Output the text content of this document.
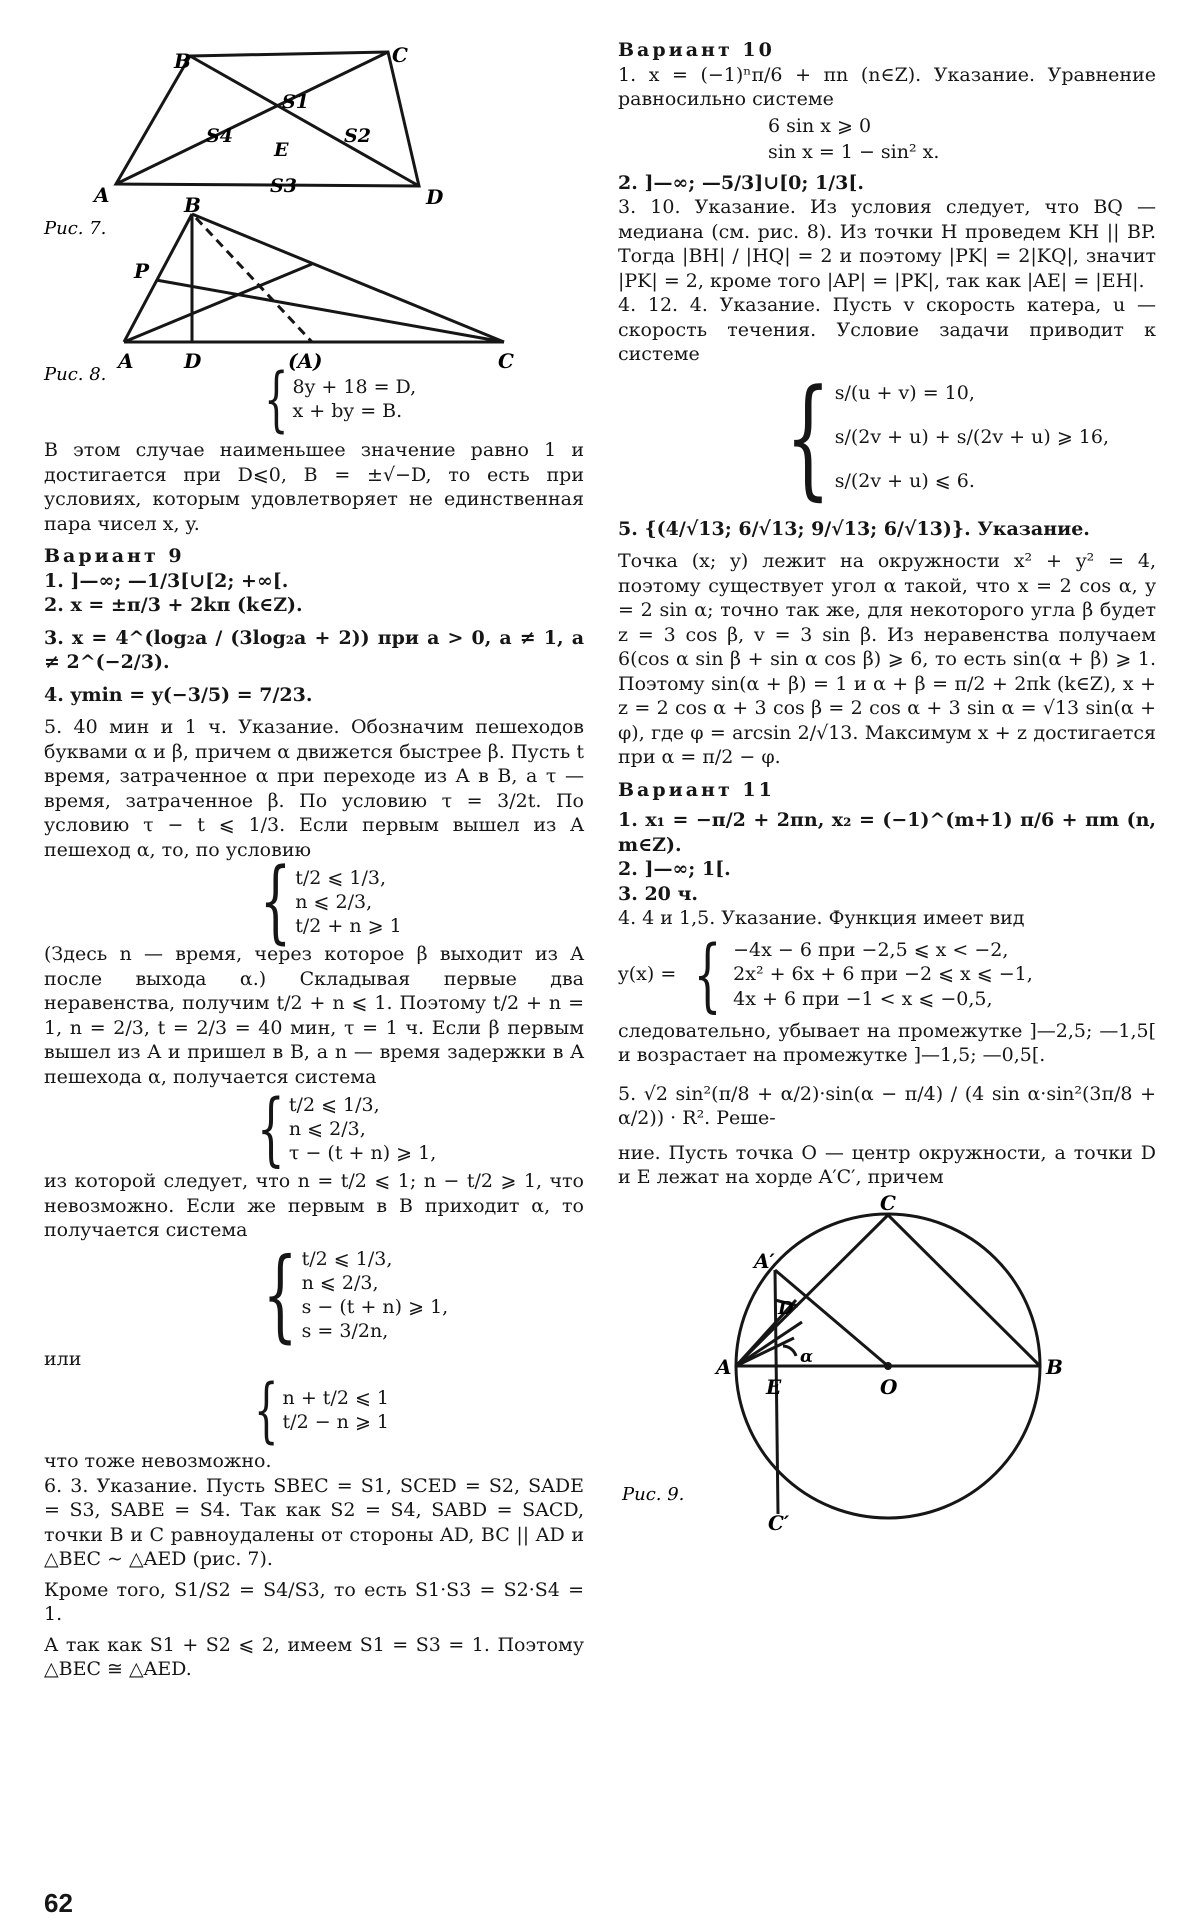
B	C
A	D
E
S1
S2
S3
S4
Рис. 7.
B
P
A	D	(A)	C
Рис. 8. { 8y + 18 = D,
x + by = B.

В этом случае наименьшее значение равно 1 и достигается при D⩽0, B = ±√−D, то есть при условиях, которым удовлетворяет не единственная пара чисел x, y.

Вариант 9

1. ]—∞; —1/3[∪[2; +∞[.

2. x = ±π/3 + 2kπ (k∈Z).

3. x = 4^(log₂a / (3log₂a + 2)) при a > 0, a ≠ 1, a ≠ 2^(−2/3).

4. ymin = y(−3/5) = 7/23.

5. 40 мин и 1 ч. Указание. Обозначим пешеходов буквами α и β, причем α движется быстрее β. Пусть t время, затраченное α при переходе из A в B, а τ — время, затраченное β. По условию τ = 3/2t. По условию τ − t ⩽ 1/3. Если первым вышел из A пешеход α, то, по условию

{ t/2 ⩽ 1/3,
n ⩽ 2/3,
t/2 + n ⩾ 1

(Здесь n — время, через которое β выходит из A после выхода α.) Складывая первые два неравенства, получим t/2 + n ⩽ 1. Поэтому t/2 + n = 1, n = 2/3, t = 2/3 = 40 мин, τ = 1 ч. Если β первым вышел из A и пришел в B, а n — время задержки в A пешехода α, получается система

{ t/2 ⩽ 1/3,
n ⩽ 2/3,
τ − (t + n) ⩾ 1,

из которой следует, что n = t/2 ⩽ 1; n − t/2 ⩾ 1, что невозможно. Если же первым в B приходит α, то получается система

{ t/2 ⩽ 1/3,
n ⩽ 2/3,
s − (t + n) ⩾ 1,
s = 3/2n,

или

{ n + t/2 ⩽ 1
t/2 − n ⩾ 1

что тоже невозможно.

6. 3. Указание. Пусть SBEC = S1, SCED = S2, SADE = S3, SABE = S4. Так как S2 = S4, SABD = SACD, точки B и C равноудалены от стороны AD, BC || AD и △BEC ∼ △AED (рис. 7).

Кроме того, S1/S2 = S4/S3, то есть S1·S3 = S2·S4 = 1.

А так как S1 + S2 ⩽ 2, имеем S1 = S3 = 1. Поэтому △BEC ≅ △AED.

Вариант 10

1. x = (−1)ⁿπ/6 + πn (n∈Z). Указание. Уравнение равносильно системе

6 sin x ⩾ 0
sin x = 1 − sin² x.

2. ]—∞; —5/3]∪[0; 1/3[.

3. 10. Указание. Из условия следует, что BQ — медиана (см. рис. 8). Из точки H проведем KH || BP. Тогда |BH| / |HQ| = 2 и поэтому |PK| = 2|KQ|, значит |PK| = 2, кроме того |AP| = |PK|, так как |AE| = |EH|.

4. 12. 4. Указание. Пусть v скорость катера, u — скорость течения. Условие задачи приводит к системе

{ s/(u + v) = 10,
s/(2v + u) + s/(2v + u) ⩾ 16,
s/(2v + u) ⩽ 6.

5. {(4/√13; 6/√13; 9/√13; 6/√13)}. Указание.

Точка (x; y) лежит на окружности x² + y² = 4, поэтому существует угол α такой, что x = 2 cos α, y = 2 sin α; точно так же, для некоторого угла β будет z = 3 cos β, v = 3 sin β. Из неравенства получаем 6(cos α sin β + sin α cos β) ⩾ 6, то есть sin(α + β) ⩾ 1. Поэтому sin(α + β) = 1 и α + β = π/2 + 2πk (k∈Z), x + z = 2 cos α + 3 cos β = 2 cos α + 3 sin α = √13 sin(α + φ), где φ = arcsin 2/√13. Максимум x + z достигается при α = π/2 − φ.

Вариант 11

1. x₁ = −π/2 + 2πn, x₂ = (−1)^(m+1) π/6 + πm (n, m∈Z).

2. ]—∞; 1[.

3. 20 ч.

4. 4 и 1,5. Указание. Функция имеет вид

y(x) = { −4x − 6 при −2,5 ⩽ x < −2,
2x² + 6x + 6 при −2 ⩽ x ⩽ −1,
4x + 6 при −1 < x ⩽ −0,5,

следовательно, убывает на промежутке ]—2,5; —1,5[ и возрастает на промежутке ]—1,5; —0,5[.

5. √2 sin²(π/8 + α/2)·sin(α − π/4) / (4 sin α·sin²(3π/8 + α/2)) · R². Реше-

ние. Пусть точка O — центр окружности, а точки D и E лежат на хорде A′C′, причем

C
A′
D
A
E	O
B
C′
α
Рис. 9.
62
